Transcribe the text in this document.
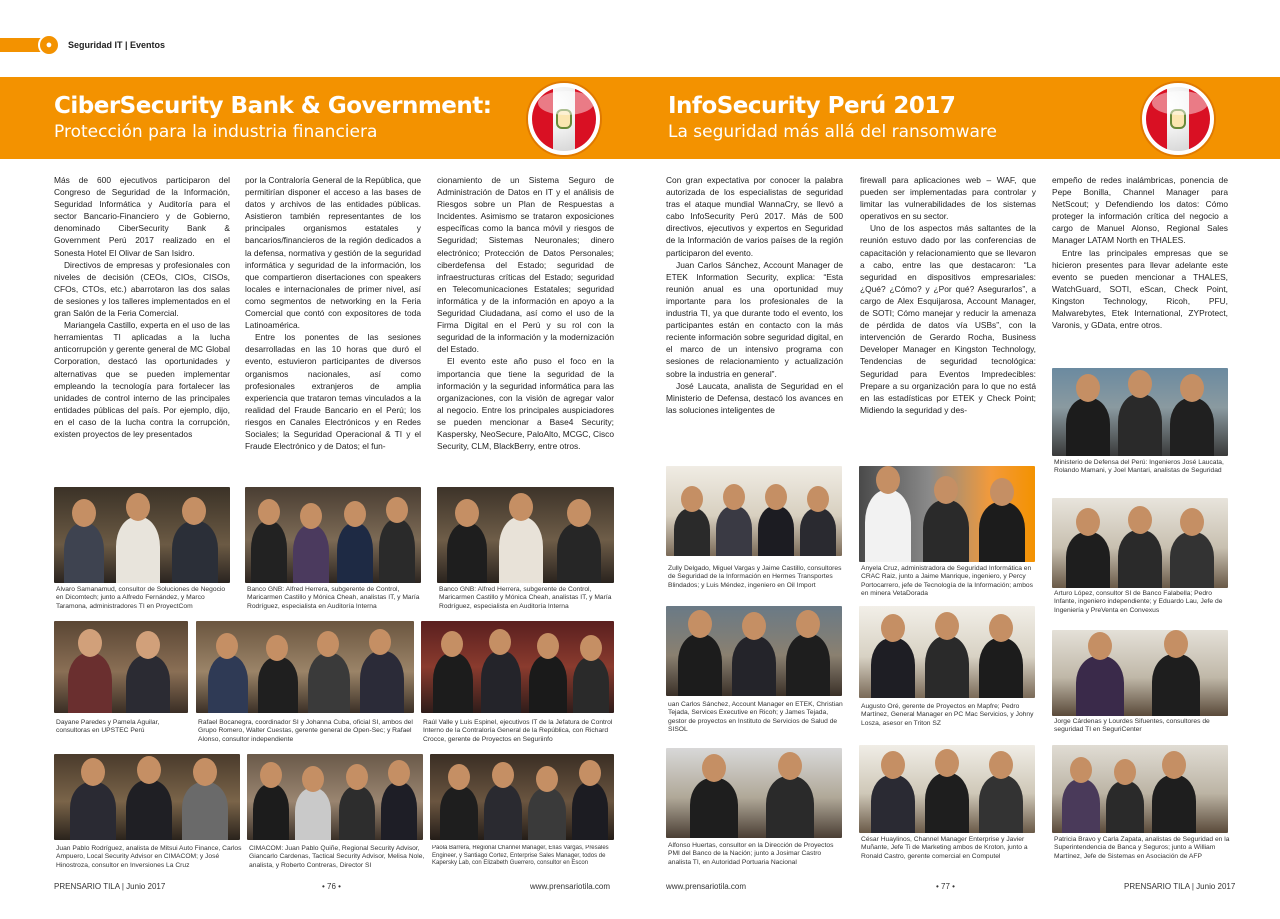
●	Seguridad IT | Eventos
CiberSecurity Bank & Government:
Protección para la industria financiera

Más de 600 ejecutivos participaron del Congreso de Seguridad de la Información, Seguridad Informática y Auditoría para el sector Bancario-Financiero y de Gobierno, denominado CiberSecurity Bank & Government Perú 2017 realizado en el Sonesta Hotel El Olivar de San Isidro.

Directivos de empresas y profesionales con niveles de decisión (CEOs, CIOs, CISOs, CFOs, CTOs, etc.) abarrotaron las dos salas de sesiones y los talleres implementados en el gran Salón de la Feria Comercial.

Mariangela Castillo, experta en el uso de las herramientas TI aplicadas a la lucha anticorrupción y gerente general de MC Global Corporation, destacó las oportunidades y alternativas que se pueden implementar empleando la tecnología para fortalecer las unidades de control interno de las principales entidades públicas del país. Por ejemplo, dijo, en el caso de la lucha contra la corrupción, existen proyectos de ley presentados

por la Contraloría General de la República, que permitirían disponer el acceso a las bases de datos y archivos de las entidades públicas. Asistieron también representantes de los principales organismos estatales y bancarios/financieros de la región dedicados a la defensa, normativa y gestión de la seguridad informática y seguridad de la información, los que compartieron disertaciones con speakers locales e internacionales de primer nivel, así como segmentos de networking en la Feria Comercial que contó con expositores de toda Latinoamérica.

Entre los ponentes de las sesiones desarrolladas en las 10 horas que duró el evento, estuvieron participantes de diversos organismos nacionales, así como profesionales extranjeros de amplia experiencia que trataron temas vinculados a la realidad del Fraude Bancario en el Perú; los riesgos en Canales Electrónicos y en Redes Sociales; la Seguridad Operacional & TI y el Fraude Electrónico y de Datos; el fun-

cionamiento de un Sistema Seguro de Administración de Datos en IT y el análisis de Riesgos sobre un Plan de Respuestas a Incidentes. Asimismo se trataron exposiciones específicas como la banca móvil y riesgos de Seguridad; Sistemas Neuronales; dinero electrónico; Protección de Datos Personales; ciberdefensa del Estado; seguridad de infraestructuras críticas del Estado; seguridad en Telecomunicaciones Estatales; seguridad informática y de la información en apoyo a la Seguridad Ciudadana, así como el uso de la Firma Digital en el Perú y su rol con la seguridad de la información y la modernización del Estado.

El evento este año puso el foco en la importancia que tiene la seguridad de la información y la seguridad informática para las organizaciones, con la visión de agregar valor al negocio. Entre los principales auspiciadores se pueden mencionar a Base4 Security; Kaspersky, NeoSecure, PaloAlto, MCGC, Cisco Security, CLM, BlackBerry, entre otros.

Álvaro Samanamud, consultor de Soluciones de Negocio en Dicomtech; junto a Alfredo Fernández, y Marco Taramona, administradores TI en ProyectCom
Banco GNB: Alfred Herrera, subgerente de Control, Maricarmen Castillo y Mónica Cheah, analistas IT, y María Rodríguez, especialista en Auditoría Interna
Banco GNB: Alfred Herrera, subgerente de Control, Maricarmen Castillo y Mónica Cheah, analistas IT, y María Rodríguez, especialista en Auditoría Interna
Dayane Paredes y Pamela Aguilar, consultoras en UPSTEC Perú
Rafael Bocanegra, coordinador SI y Johanna Cuba, oficial SI, ambos del Grupo Romero, Walter Cuestas, gerente general de Open-Sec; y Rafael Alonso, consultor independiente
Raúl Valle y Luis Espinel, ejecutivos IT de la Jefatura de Control Interno de la Contraloría General de la República, con Richard Crocce, gerente de Proyectos en Seguriinfo
Juan Pablo Rodríguez, analista de Mitsui Auto Finance, Carlos Ampuero, Local Security Advisor en CIMACOM; y José Hinostroza, consultor en Inversiones La Cruz
CIMACOM: Juan Pablo Quiñe, Regional Security Advisor, Giancarlo Cardenas, Tactical Security Advisor, Melisa Nole, analista, y Roberto Contreras, Director SI
Paola Barrera, Regional Channel Manager, Elías Vargas, Presales Engineer, y Santiago Cortez, Enterprise Sales Manager, todos de Kapersky Lab, con Elizabeth Guerrero, consultor en Escon
PRENSARIO TILA | Junio 2017	• 76 •	www.prensariotila.com
InfoSecurity Perú 2017
La seguridad más allá del ransomware

Con gran expectativa por conocer la palabra autorizada de los especialistas de seguridad tras el ataque mundial WannaCry, se llevó a cabo InfoSecurity Perú 2017. Más de 500 directivos, ejecutivos y expertos en Seguridad de la Información de varios países de la región participaron del evento.

Juan Carlos Sánchez, Account Manager de ETEK Information Security, explica: “Esta reunión anual es una oportunidad muy importante para los profesionales de la industria TI, ya que durante todo el evento, los participantes están en contacto con la más reciente información sobre seguridad digital, en el marco de un intensivo programa con sesiones de relacionamiento y actualización sobre la industria en general”.

José Laucata, analista de Seguridad en el Ministerio de Defensa, destacó los avances en las soluciones inteligentes de

firewall para aplicaciones web – WAF, que pueden ser implementadas para controlar y limitar las vulnerabilidades de los sistemas operativos en su sector.

Uno de los aspectos más saltantes de la reunión estuvo dado por las conferencias de capacitación y relacionamiento que se llevaron a cabo, entre las que destacaron: “La seguridad en dispositivos empresariales: ¿Qué? ¿Cómo? y ¿Por qué? Asegurarlos”, a cargo de Alex Esquijarosa, Account Manager, de SOTI; Cómo manejar y reducir la amenaza de pérdida de datos vía USBs”, con la intervención de Gerardo Rocha, Business Developer Manager en Kingston Technology, Tendencias de seguridad tecnológica: Seguridad para Eventos Impredecibles: Prepare a su organización para lo que no está en las estadísticas por ETEK y Check Point; Midiendo la seguridad y des-

empeño de redes inalámbricas, ponencia de Pepe Bonilla, Channel Manager para NetScout; y Defendiendo los datos: Cómo proteger la información crítica del negocio a cargo de Manuel Alonso, Regional Sales Manager LATAM North en THALES.

Entre las principales empresas que se hicieron presentes para llevar adelante este evento se pueden mencionar a THALES, WatchGuard, SOTI, eScan, Check Point, Kingston Technology, Ricoh, PFU, Malwarebytes, Etek International, ZYProtect, Varonis, y GData, entre otros.

Ministerio de Defensa del Perú: Ingenieros José Laucata, Rolando Mamani, y Joel Mantari, analistas de Seguridad
Zully Delgado, Miguel Vargas y Jaime Castillo, consultores de Seguridad de la Información en Hermes Transportes Blindados; y Luis Méndez, ingeniero en Oil Import
Anyela Cruz, administradora de Seguridad Informática en CRAC Raiz, junto a Jaime Manrique, ingeniero, y Percy Portocarrero, jefe de Tecnología de la Información; ambos en minera VetaDorada	Arturo López, consultor SI de Banco Falabella; Pedro Infante, ingeniero independiente; y Eduardo Lau, Jefe de Ingeniería y PreVenta en Convexus
uan Carlos Sánchez, Account Manager en ETEK, Christian Tejada, Services Executive en Ricoh; y James Tejada, gestor de proyectos en Instituto de Servicios de Salud de SISOL
Augusto Oré, gerente de Proyectos en Mapfre; Pedro Martínez, General Manager en PC Mac Servicios, y Johny Losza, asesor en Triton SZ	Jorge Cárdenas y Lourdes Sifuentes, consultores de seguridad TI en SeguriCenter
Alfonso Huertas, consultor en la Dirección de Proyectos PMI del Banco de la Nación; junto a Josimar Castro analista TI, en Autoridad Portuaria Nacional
César Huaylinos, Channel Manager Enterprise y Javier Muñante, Jefe Ti de Marketing ambos de Kroton, junto a Ronald Castro, gerente comercial en Computel
Patricia Bravo y Carla Zapata, analistas de Seguridad en la Superintendencia de Banca y Seguros; junto a William Martínez, Jefe de Sistemas en Asociación de AFP
www.prensariotila.com	• 77 •	PRENSARIO TILA | Junio 2017
